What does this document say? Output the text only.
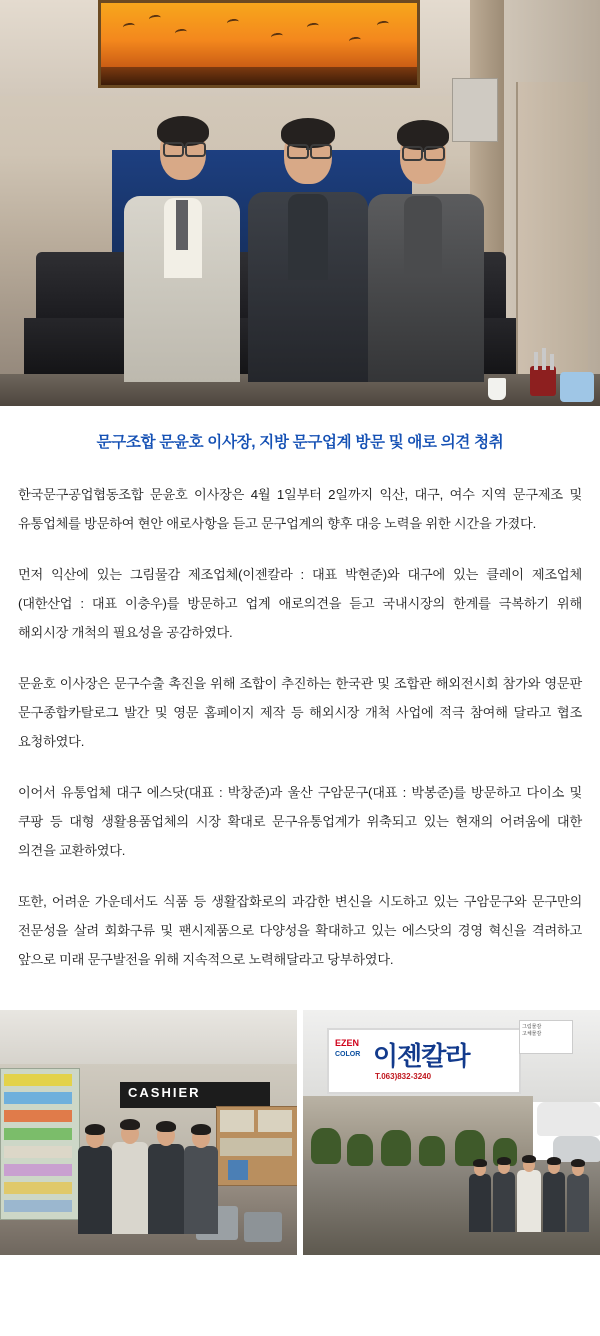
문구조합 문윤호 이사장, 지방 문구업계 방문 및 애로 의견 청취

한국문구공업협동조합 문윤호 이사장은 4월 1일부터 2일까지 익산, 대구, 여수 지역 문구제조 및 유통업체를 방문하여 현안 애로사항을 듣고 문구업계의 향후 대응 노력을 위한 시간을 가졌다.

먼저 익산에 있는 그림물감 제조업체(이젠칼라 : 대표 박현준)와 대구에 있는 클레이 제조업체(대한산업 : 대표 이충우)를 방문하고 업계 애로의견을 듣고 국내시장의 한계를 극복하기 위해 해외시장 개척의 필요성을 공감하였다.

문윤호 이사장은 문구수출 촉진을 위해 조합이 추진하는 한국관 및 조합관 해외전시회 참가와 영문판 문구종합카탈로그 발간 및 영문 홈페이지 제작 등 해외시장 개척 사업에 적극 참여해 달라고 협조 요청하였다.

이어서 유통업체 대구 에스닷(대표 : 박창준)과 울산 구암문구(대표 : 박봉준)를 방문하고 다이소 및 쿠팡 등 대형 생활용품업체의 시장 확대로 문구유통업계가 위축되고 있는 현재의 어려움에 대한 의견을 교환하였다.

또한, 어려운 가운데서도 식품 등 생활잡화로의 과감한 변신을 시도하고 있는 구암문구와 문구만의 전문성을 살려 회화구류 및 팬시제품으로 다양성을 확대하고 있는 에스닷의 경영 혁신을 격려하고 앞으로 미래 문구발전을 위해 지속적으로 노력해달라고 당부하였다.

CASHIER
EZEN
COLOR 이젠칼라
T.063)832-3240
그림물감
고체물감
